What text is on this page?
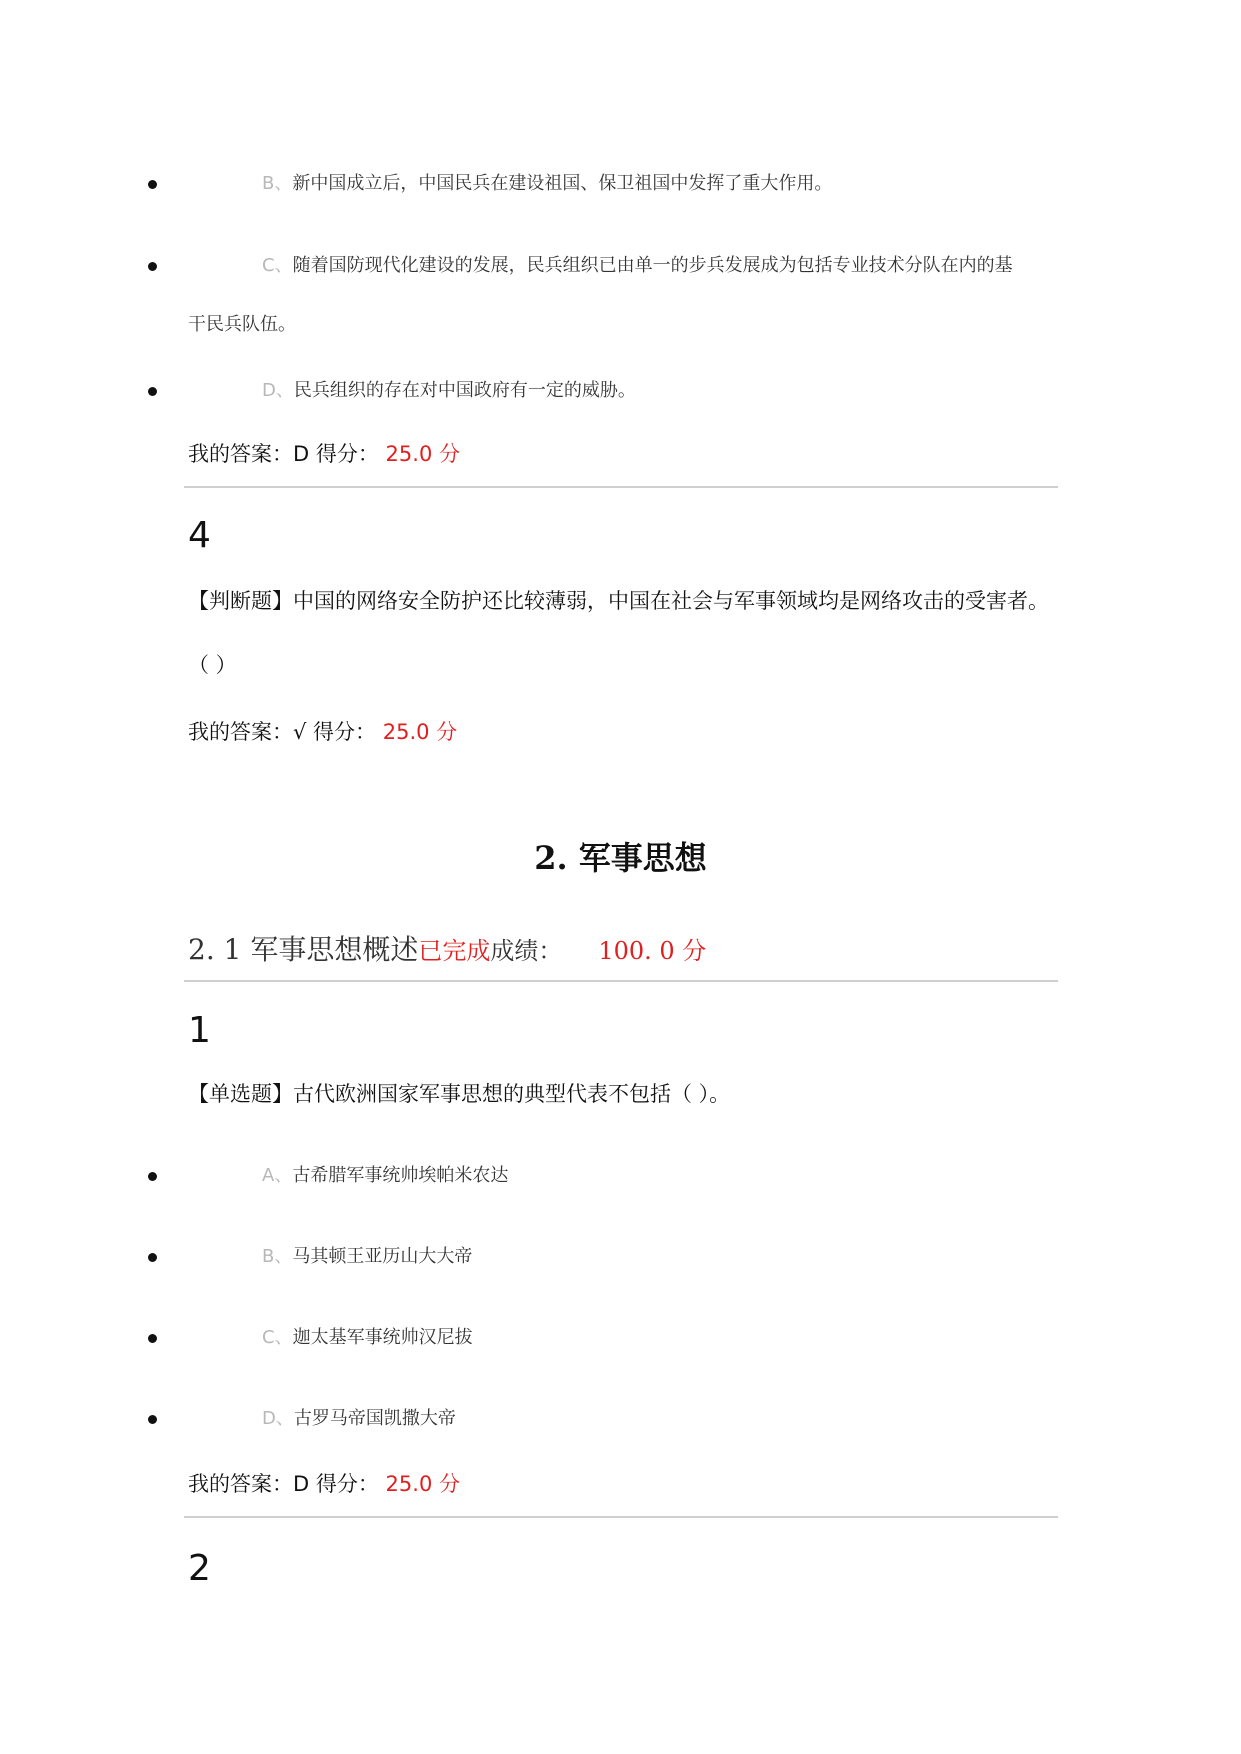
B、新中国成立后，中国民兵在建设祖国、保卫祖国中发挥了重大作用。
C、随着国防现代化建设的发展，民兵组织已由单一的步兵发展成为包括专业技术分队在内的基
干民兵队伍。
D、民兵组织的存在对中国政府有一定的威胁。
我的答案：D 得分： 25.0 分
4
【判断题】中国的网络安全防护还比较薄弱，中国在社会与军事领域均是网络攻击的受害者。
（ ）
我的答案：√ 得分： 25.0 分
2. 军事思想
2. 1 军事思想概述已完成成绩： 100. 0 分
1
【单选题】古代欧洲国家军事思想的典型代表不包括（ ）。
A、古希腊军事统帅埃帕米农达
B、马其顿王亚历山大大帝
C、迦太基军事统帅汉尼拔
D、古罗马帝国凯撒大帝
我的答案：D 得分： 25.0 分
2
